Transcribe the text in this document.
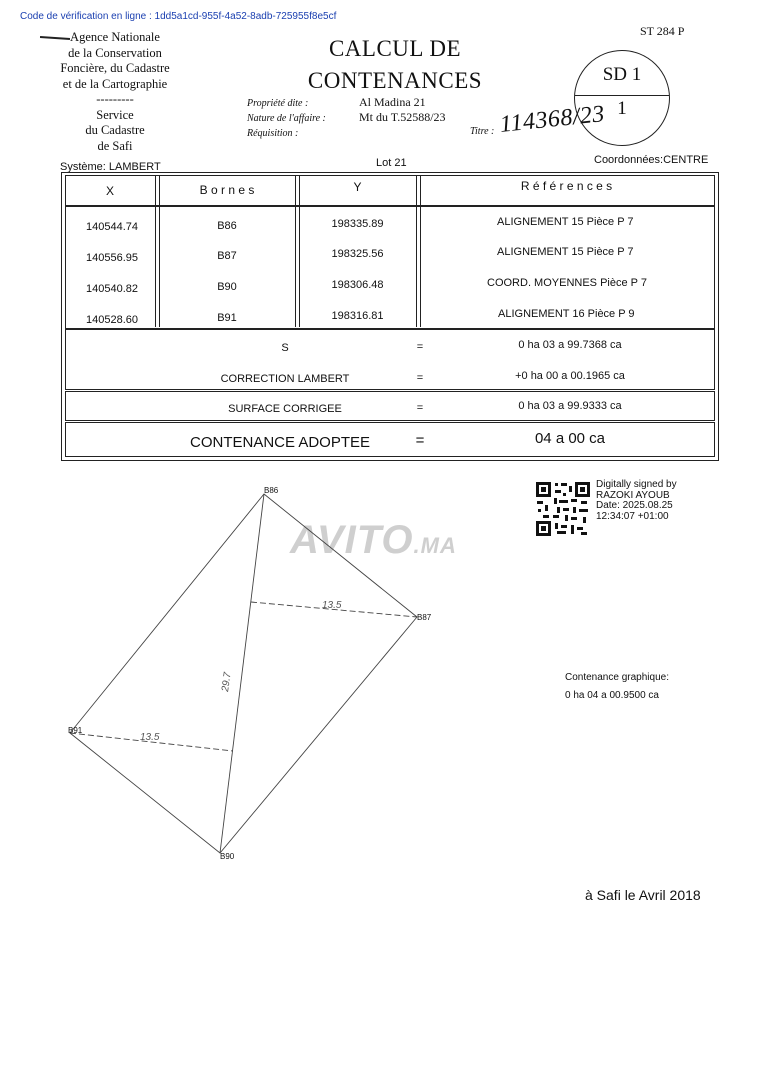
Code de vérification en ligne : 1dd5a1cd-955f-4a52-8adb-725955f8e5cf
ST 284 P
Agence Nationale
de la Conservation
Foncière, du Cadastre
et de la Cartographie
---------
Service
du Cadastre
de Safi
CALCUL DE
CONTENANCES	SD 1
1
Propriété dite :	Al Madina 21
Nature de l'affaire :	Mt du T.52588/23
Réquisition :	Titre : 114368/23
Système: LAMBERT	Lot 21	Coordonnées:CENTRE
X	B o r n e s	Y	R é f é r e n c e s
140544.74	B86	198335.89	ALIGNEMENT 15 Pièce P 7
140556.95	B87	198325.56	ALIGNEMENT 15 Pièce P 7
140540.82	B90	198306.48	COORD. MOYENNES Pièce P 7
140528.60	B91	198316.81	ALIGNEMENT 16 Pièce P 9
S	=	0 ha 03 a 99.7368 ca
CORRECTION LAMBERT	=	+0 ha 00 a 00.1965 ca
SURFACE CORRIGEE	=	0 ha 03 a 99.9333 ca
CONTENANCE ADOPTEE	=	04 a 00 ca
Digitally signed by
RAZOKI AYOUB
Date: 2025.08.25
12:34:07 +01:00
AVITO.MA
B86
B87
B90
B91
13.5
29.7
13.5
Contenance graphique:
0 ha 04 a 00.9500 ca
à Safi le Avril 2018
